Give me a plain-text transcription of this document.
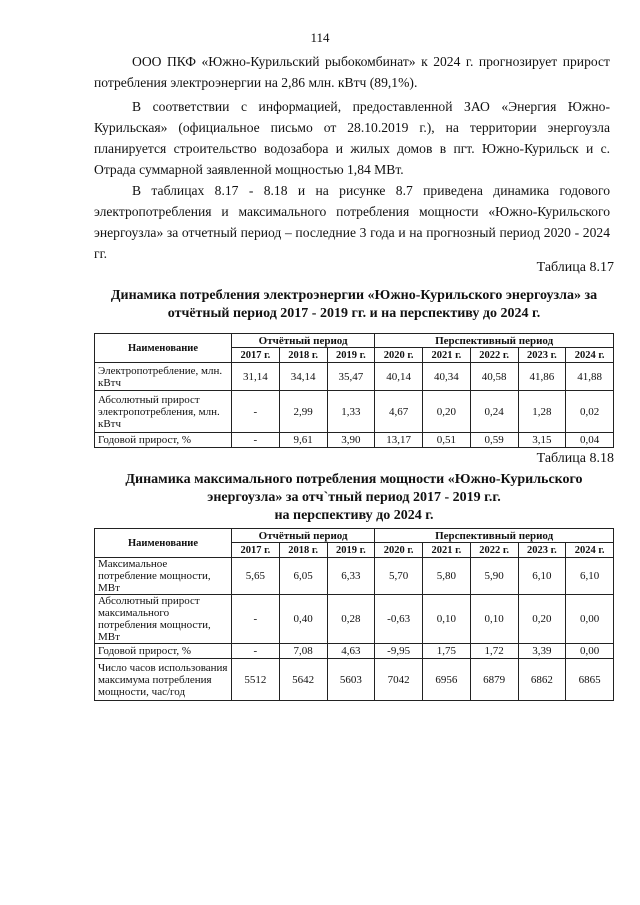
114

ООО ПКФ «Южно-Курильский рыбокомбинат» к 2024 г. прогнозирует прирост потребления электроэнергии на 2,86 млн. кВтч (89,1%).

В соответствии с информацией, предоставленной ЗАО «Энергия Южно-Курильская» (официальное письмо от 28.10.2019 г.), на территории энергоузла планируется строительство водозабора и жилых домов в пгт. Южно-Курильск и с. Отрада суммарной заявленной мощностью 1,84 МВт.

В таблицах 8.17 - 8.18 и на рисунке 8.7 приведена динамика годового электропотребления и максимального потребления мощности «Южно-Курильского энергоузла» за отчетный период – последние 3 года и на прогнозный период 2020 - 2024 гг.

Таблица 8.17
Динамика потребления электроэнергии «Южно-Курильского энергоузла» за отчётный период 2017 - 2019 гг. и на перспективу до 2024 г.
Наименование	Отчётный период			Перспективный период				
	2017 г.	2018 г.	2019 г.	2020 г.	2021 г.	2022 г.	2023 г.	2024 г.
Электропотребление, млн. кВтч	31,14	34,14	35,47	40,14	40,34	40,58	41,86	41,88
Абсолютный прирост электропотребления, млн. кВтч	-	2,99	1,33	4,67	0,20	0,24	1,28	0,02
Годовой прирост, %	-	9,61	3,90	13,17	0,51	0,59	3,15	0,04
Таблица 8.18
Динамика максимального потребления мощности «Южно-Курильского
энергоузла» за отч`тный период 2017 - 2019 г.г.
на перспективу до 2024 г.
Наименование	Отчётный период			Перспективный период				
	2017 г.	2018 г.	2019 г.	2020 г.	2021 г.	2022 г.	2023 г.	2024 г.
Максимальное потребление мощности, МВт	5,65	6,05	6,33	5,70	5,80	5,90	6,10	6,10
Абсолютный прирост максимального потребления мощности, МВт	-	0,40	0,28	-0,63	0,10	0,10	0,20	0,00
Годовой прирост, %	-	7,08	4,63	-9,95	1,75	1,72	3,39	0,00
Число часов использования максимума потребления мощности, час/год	5512	5642	5603	7042	6956	6879	6862	6865
